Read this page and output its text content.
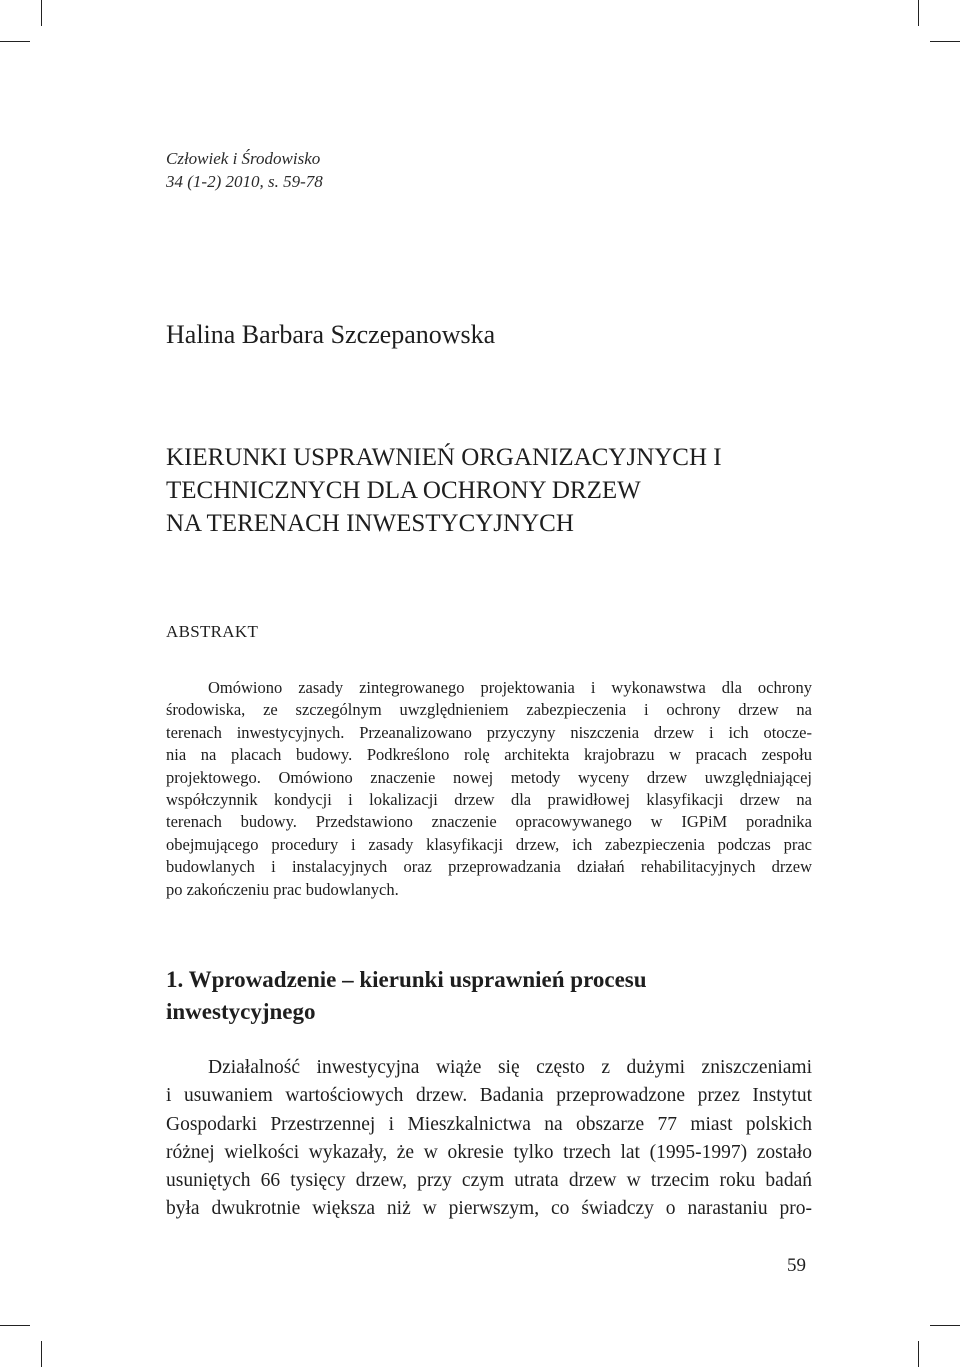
Człowiek i Środowisko
34 (1-2) 2010, s. 59-78
Halina Barbara Szczepanowska
KIERUNKI USPRAWNIEŃ ORGANIZACYJNYCH I
TECHNICZNYCH DLA OCHRONY DRZEW
NA TERENACH INWESTYCYJNYCH
ABSTRAKT
Omówiono zasady zintegrowanego projektowania i wykonawstwa dla ochrony
środowiska, ze szczególnym uwzględnieniem zabezpieczenia i ochrony drzew na
terenach inwestycyjnych. Przeanalizowano przyczyny niszczenia drzew i ich otocze-
nia na placach budowy. Podkreślono rolę architekta krajobrazu w pracach zespołu
projektowego. Omówiono znaczenie nowej metody wyceny drzew uwzględniającej
współczynnik kondycji i lokalizacji drzew dla prawidłowej klasyfikacji drzew na
terenach budowy. Przedstawiono znaczenie opracowywanego w IGPiM poradnika
obejmującego procedury i zasady klasyfikacji drzew, ich zabezpieczenia podczas prac
budowlanych i instalacyjnych oraz przeprowadzania działań rehabilitacyjnych drzew
po zakończeniu prac budowlanych.
1. Wprowadzenie – kierunki usprawnień procesu
inwestycyjnego
Działalność inwestycyjna wiąże się często z dużymi zniszczeniami
i usuwaniem wartościowych drzew. Badania przeprowadzone przez Instytut
Gospodarki Przestrzennej i Mieszkalnictwa na obszarze 77 miast polskich
różnej wielkości wykazały, że w okresie tylko trzech lat (1995-1997) zostało
usuniętych 66 tysięcy drzew, przy czym utrata drzew w trzecim roku badań
była dwukrotnie większa niż w pierwszym, co świadczy o narastaniu pro-
59
